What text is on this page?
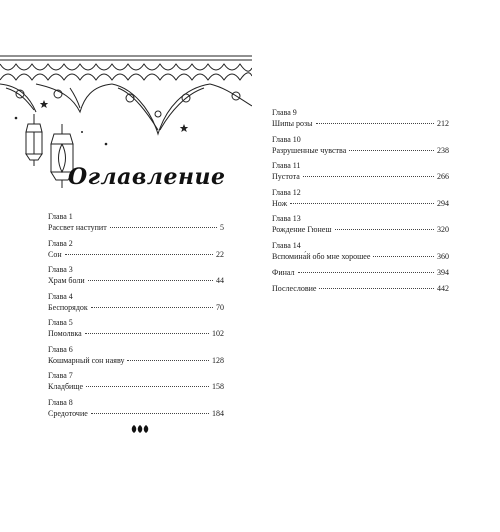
Оглавление
Глава 1
Рассвет наступит	5
Глава 2
Сон	22
Глава 3
Храм боли	44
Глава 4
Беспорядок	70
Глава 5
Помолвка	102
Глава 6
Кошмарный сон наяву	128
Глава 7
Кладбище	158
Глава 8
Средоточие	184
Глава 9
Шипы розы	212
Глава 10
Разрушенные чувства	238
Глава 11
Пустота	266
Глава 12
Нож	294
Глава 13
Рождение Гюнеш	320
Глава 14
Вспомина́й обо мне хорошее	360
Финал	394
Послесловие	442
